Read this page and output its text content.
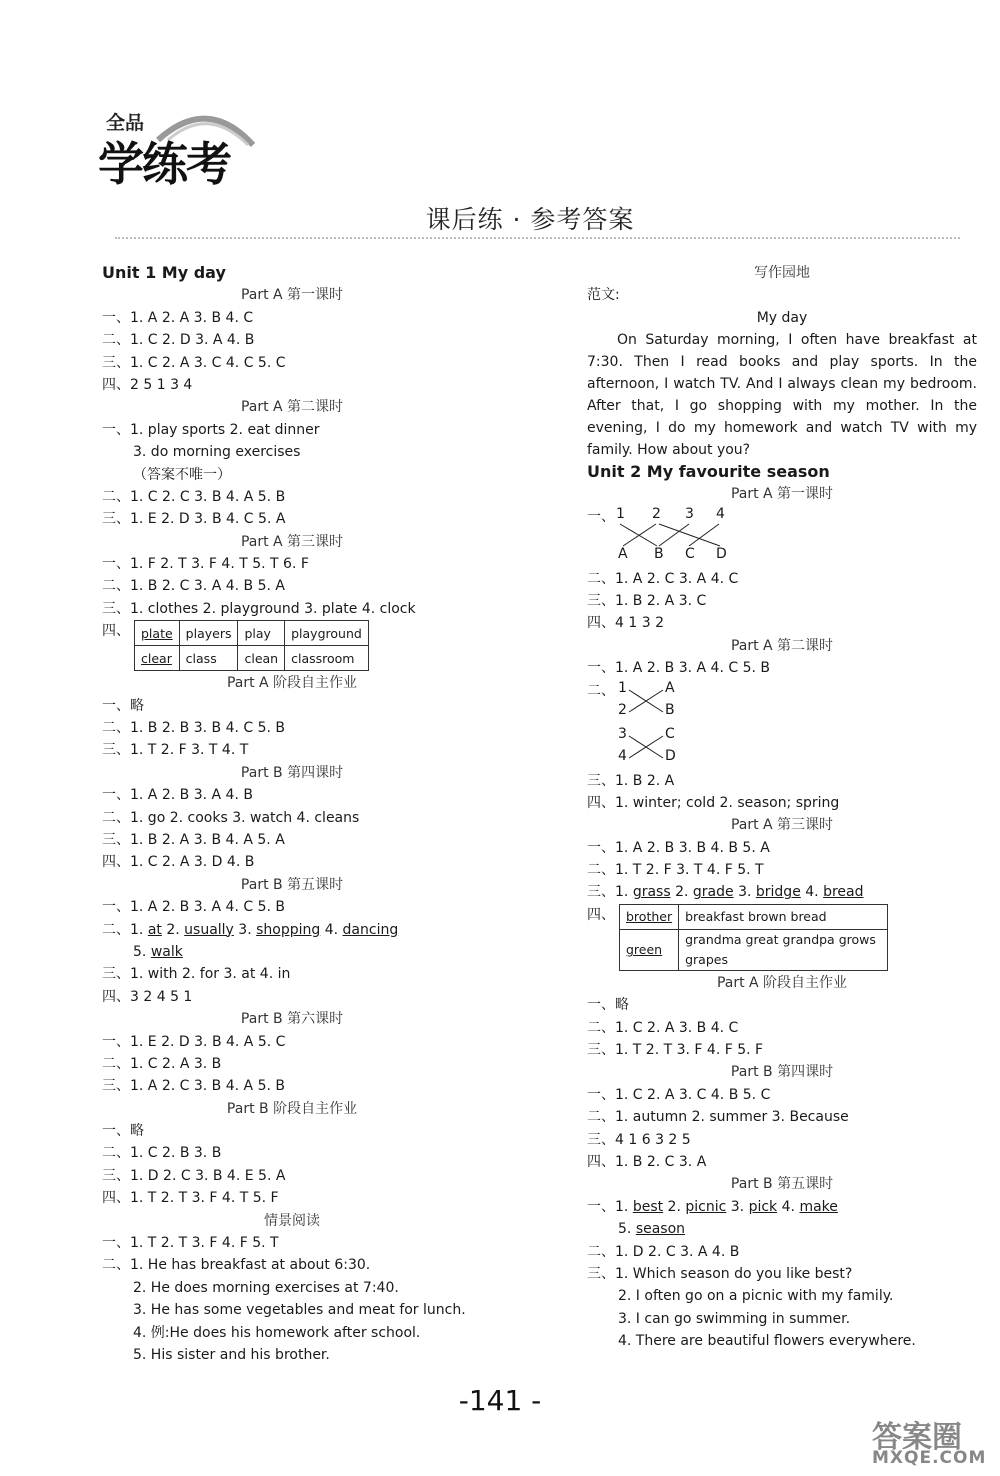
全品
学练考
课后练 · 参考答案
Unit 1 My day
Part A 第一课时
一、1. A 2. A 3. B 4. C
二、1. C 2. D 3. A 4. B
三、1. C 2. A 3. C 4. C 5. C
四、2 5 1 3 4
Part A 第二课时
一、1. play sports 2. eat dinner
3. do morning exercises
（答案不唯一）
二、1. C 2. C 3. B 4. A 5. B
三、1. E 2. D 3. B 4. C 5. A
Part A 第三课时
一、1. F 2. T 3. F 4. T 5. T 6. F
二、1. B 2. C 3. A 4. B 5. A
三、1. clothes 2. playground 3. plate 4. clock
四、 plate	players	play	playground
clear	class	clean	classroom
Part A 阶段自主作业
一、略
二、1. B 2. B 3. B 4. C 5. B
三、1. T 2. F 3. T 4. T
Part B 第四课时
一、1. A 2. B 3. A 4. B
二、1. go 2. cooks 3. watch 4. cleans
三、1. B 2. A 3. B 4. A 5. A
四、1. C 2. A 3. D 4. B
Part B 第五课时
一、1. A 2. B 3. A 4. C 5. B
二、1. at 2. usually 3. shopping 4. dancing
5. walk
三、1. with 2. for 3. at 4. in
四、3 2 4 5 1
Part B 第六课时
一、1. E 2. D 3. B 4. A 5. C
二、1. C 2. A 3. B
三、1. A 2. C 3. B 4. A 5. B
Part B 阶段自主作业
一、略
二、1. C 2. B 3. B
三、1. D 2. C 3. B 4. E 5. A
四、1. T 2. T 3. F 4. T 5. F
情景阅读
一、1. T 2. T 3. F 4. F 5. T
二、1. He has breakfast at about 6:30.
2. He does morning exercises at 7:40.
3. He has some vegetables and meat for lunch.
4. 例:He does his homework after school.
5. His sister and his brother.
写作园地
范文:
My day
On Saturday morning, I often have breakfast at 7:30. Then I read books and play sports. In the afternoon, I watch TV. And I always clean my bedroom. After that, I go shopping with my mother. In the evening, I do my homework and watch TV with my family. How about you?
Unit 2 My favourite season
Part A 第一课时
一、 1 2 3 4
A B C D
二、1. A 2. C 3. A 4. C
三、1. B 2. A 3. C
四、4 1 3 2
Part A 第二课时
一、1. A 2. B 3. A 4. C 5. B
二、 1
2
3
4
A
B
C
D
三、1. B 2. A
四、1. winter; cold 2. season; spring
Part A 第三课时
一、1. A 2. B 3. B 4. B 5. A
二、1. T 2. F 3. T 4. F 5. T
三、1. grass 2. grade 3. bridge 4. bread
四、 brother	breakfast brown bread
green	grandma great grandpa grows
grapes
Part A 阶段自主作业
一、略
二、1. C 2. A 3. B 4. C
三、1. T 2. T 3. F 4. F 5. F
Part B 第四课时
一、1. C 2. A 3. C 4. B 5. C
二、1. autumn 2. summer 3. Because
三、4 1 6 3 2 5
四、1. B 2. C 3. A
Part B 第五课时
一、1. best 2. picnic 3. pick 4. make
5. season
二、1. D 2. C 3. A 4. B
三、1. Which season do you like best?
2. I often go on a picnic with my family.
3. I can go swimming in summer.
4. There are beautiful flowers everywhere.
-141 -
答案圈
MXQE.COM
